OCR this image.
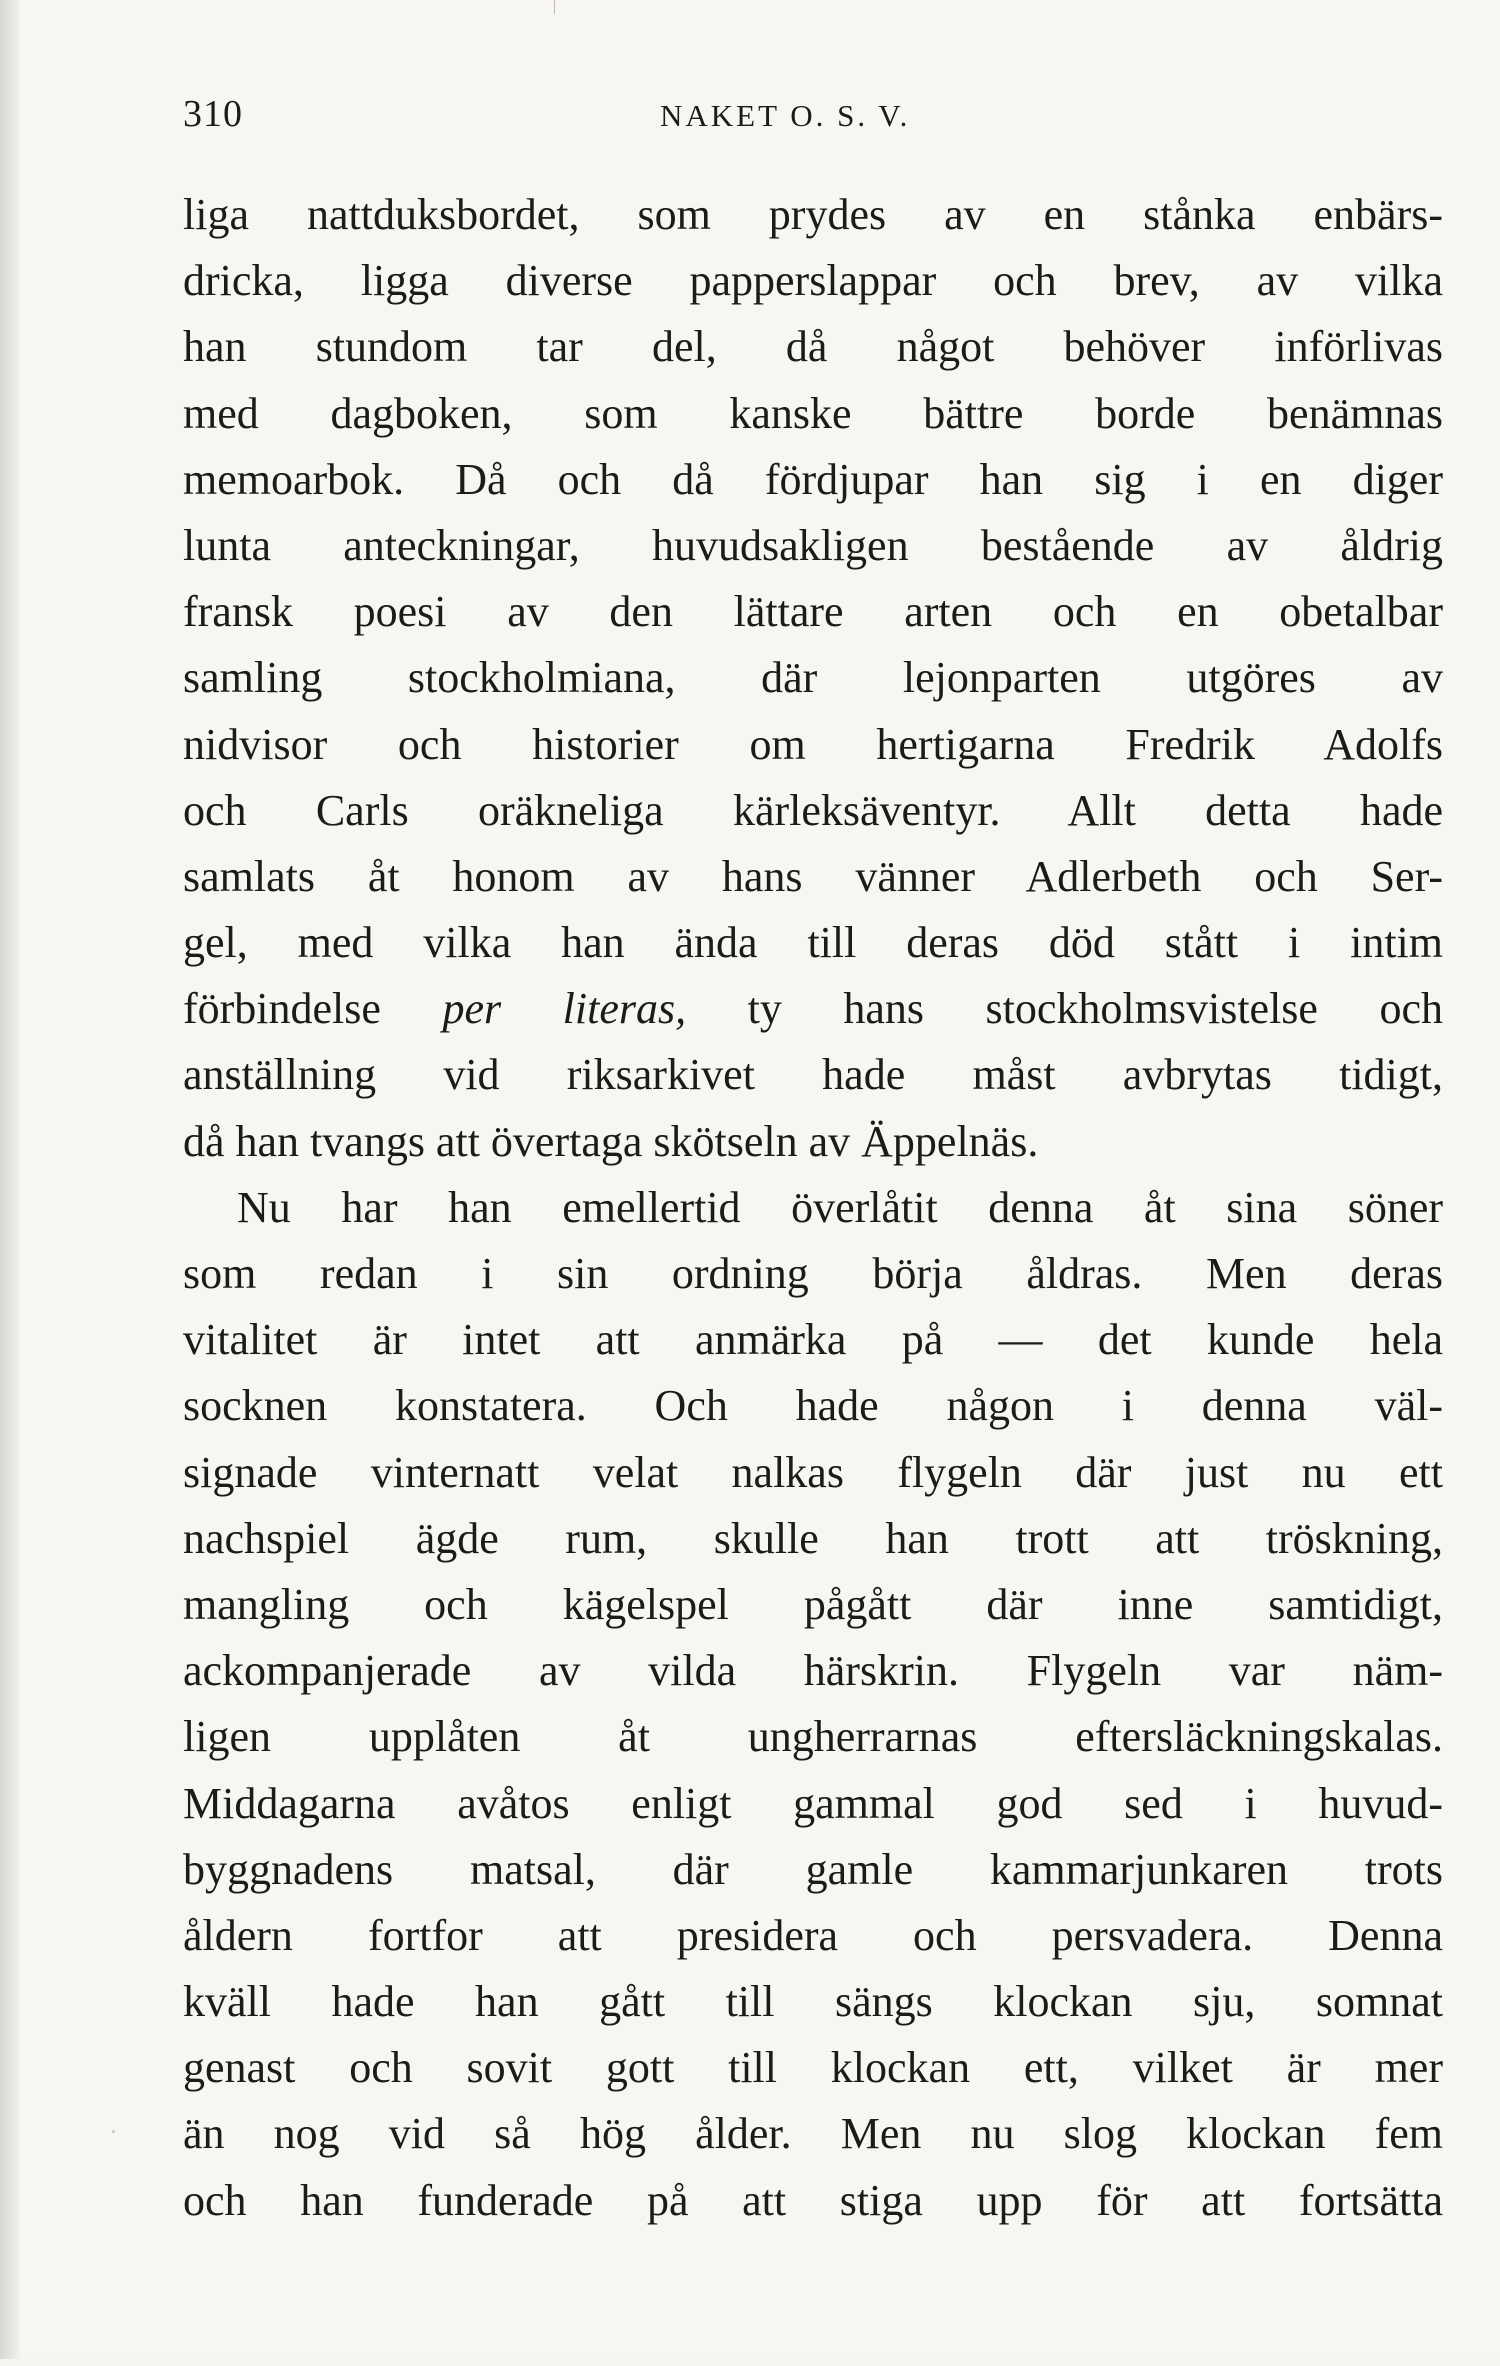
310	NAKET O. S. V.
liga nattduksbordet, som prydes av en stånka enbärs-
dricka, ligga diverse papperslappar och brev, av vilka
han stundom tar del, då något behöver införlivas
med dagboken, som kanske bättre borde benämnas
memoarbok. Då och då fördjupar han sig i en diger
lunta anteckningar, huvudsakligen bestående av åldrig
fransk poesi av den lättare arten och en obetalbar
samling stockholmiana, där lejonparten utgöres av
nidvisor och historier om hertigarna Fredrik Adolfs
och Carls oräkneliga kärleksäventyr. Allt detta hade
samlats åt honom av hans vänner Adlerbeth och Ser-
gel, med vilka han ända till deras död stått i intim
förbindelse per literas, ty hans stockholmsvistelse och
anställning vid riksarkivet hade måst avbrytas tidigt,
då han tvangs att övertaga skötseln av Äppelnäs.
Nu har han emellertid överlåtit denna åt sina söner
som redan i sin ordning börja åldras. Men deras
vitalitet är intet att anmärka på — det kunde hela
socknen konstatera. Och hade någon i denna väl-
signade vinternatt velat nalkas flygeln där just nu ett
nachspiel ägde rum, skulle han trott att tröskning,
mangling och kägelspel pågått där inne samtidigt,
ackompanjerade av vilda härskrin. Flygeln var näm-
ligen upplåten åt ungherrarnas eftersläckningskalas.
Middagarna avåtos enligt gammal god sed i huvud-
byggnadens matsal, där gamle kammarjunkaren trots
åldern fortfor att presidera och persvadera. Denna
kväll hade han gått till sängs klockan sju, somnat
genast och sovit gott till klockan ett, vilket är mer
än nog vid så hög ålder. Men nu slog klockan fem
och han funderade på att stiga upp för att fortsätta
